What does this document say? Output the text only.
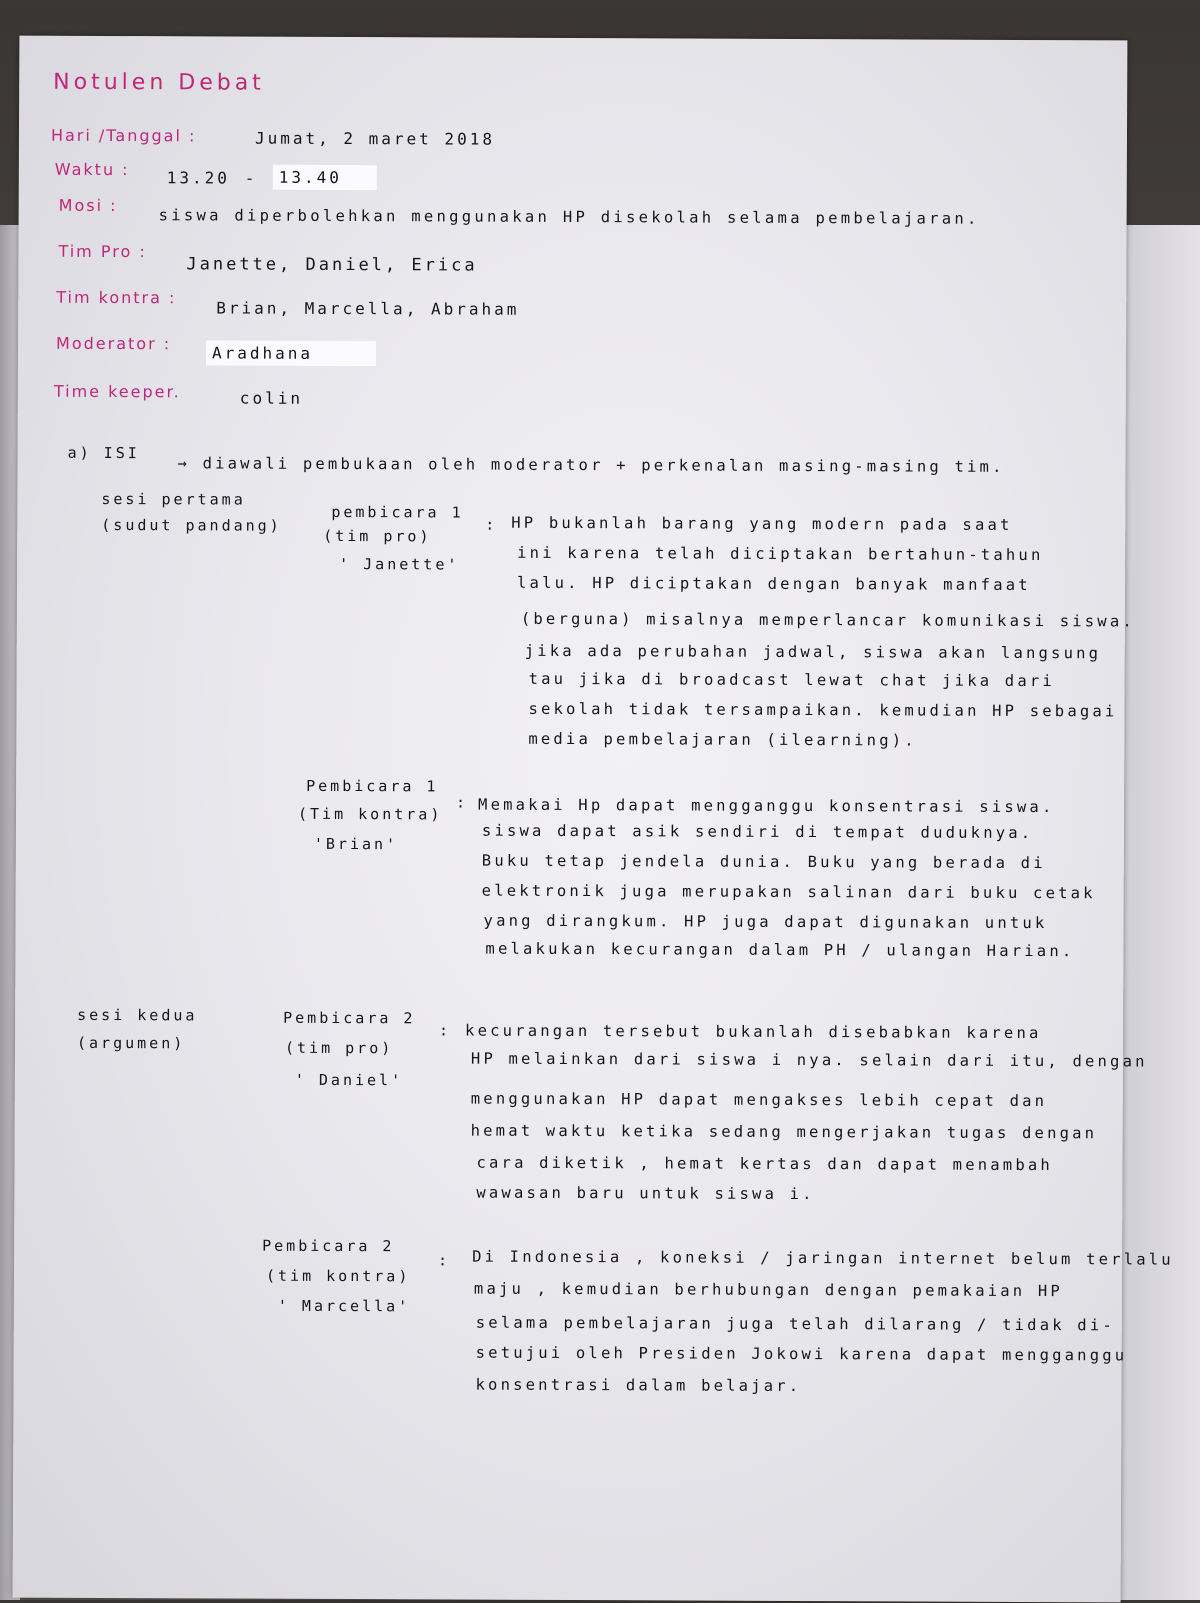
Notulen Debat
Hari /Tanggal :	Jumat, 2 maret 2018
Waktu : 13.20 -	13.40
Mosi :
siswa diperbolehkan menggunakan HP disekolah selama pembelajaran.
Tim Pro :
Janette, Daniel, Erica
Tim kontra :
Brian, Marcella, Abraham
Moderator :	Aradhana
Time keeper.	colin
a) ISI
→ diawali pembukaan oleh moderator + perkenalan masing-masing tim.
sesi pertama
(sudut pandang)
pembicara 1
(tim pro)
' Janette'
: HP bukanlah barang yang modern pada saat
ini karena telah diciptakan bertahun-tahun
lalu. HP diciptakan dengan banyak manfaat
(berguna) misalnya memperlancar komunikasi siswa.
jika ada perubahan jadwal, siswa akan langsung
tau jika di broadcast lewat chat jika dari
sekolah tidak tersampaikan. kemudian HP sebagai
media pembelajaran (ilearning).
Pembicara 1
(Tim kontra)
'Brian'
: Memakai Hp dapat mengganggu konsentrasi siswa.
siswa dapat asik sendiri di tempat duduknya.
Buku tetap jendela dunia. Buku yang berada di
elektronik juga merupakan salinan dari buku cetak
yang dirangkum. HP juga dapat digunakan untuk
melakukan kecurangan dalam PH / ulangan Harian.
sesi kedua
(argumen)
Pembicara 2
(tim pro)
' Daniel'
: kecurangan tersebut bukanlah disebabkan karena
HP melainkan dari siswa i nya. selain dari itu, dengan
menggunakan HP dapat mengakses lebih cepat dan
hemat waktu ketika sedang mengerjakan tugas dengan
cara diketik , hemat kertas dan dapat menambah
wawasan baru untuk siswa i.
Pembicara 2
(tim kontra)
' Marcella'
: Di Indonesia , koneksi / jaringan internet belum terlalu
maju , kemudian berhubungan dengan pemakaian HP
selama pembelajaran juga telah dilarang / tidak di-
setujui oleh Presiden Jokowi karena dapat mengganggu
konsentrasi dalam belajar.
